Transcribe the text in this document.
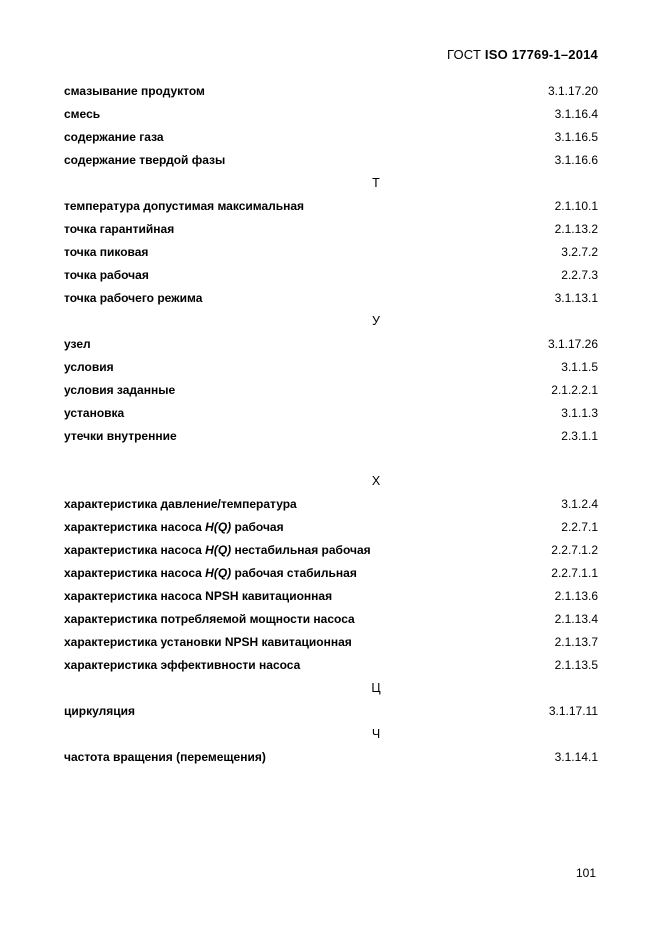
ГОСТ ISO 17769-1–2014
смазывание продуктом	3.1.17.20
смесь	3.1.16.4
содержание газа	3.1.16.5
содержание твердой фазы	3.1.16.6
Т
температура допустимая максимальная	2.1.10.1
точка гарантийная	2.1.13.2
точка пиковая	3.2.7.2
точка рабочая	2.2.7.3
точка рабочего режима	3.1.13.1
У
узел	3.1.17.26
условия	3.1.1.5
условия заданные	2.1.2.2.1
установка	3.1.1.3
утечки внутренние	2.3.1.1
Х
характеристика давление/температура	3.1.2.4
характеристика насоса H(Q) рабочая	2.2.7.1
характеристика насоса H(Q) нестабильная рабочая	2.2.7.1.2
характеристика насоса H(Q) рабочая стабильная	2.2.7.1.1
характеристика насоса NPSH кавитационная	2.1.13.6
характеристика потребляемой мощности насоса	2.1.13.4
характеристика установки NPSH кавитационная	2.1.13.7
характеристика эффективности насоса	2.1.13.5
Ц
циркуляция	3.1.17.11
Ч
частота вращения (перемещения)	3.1.14.1
101
